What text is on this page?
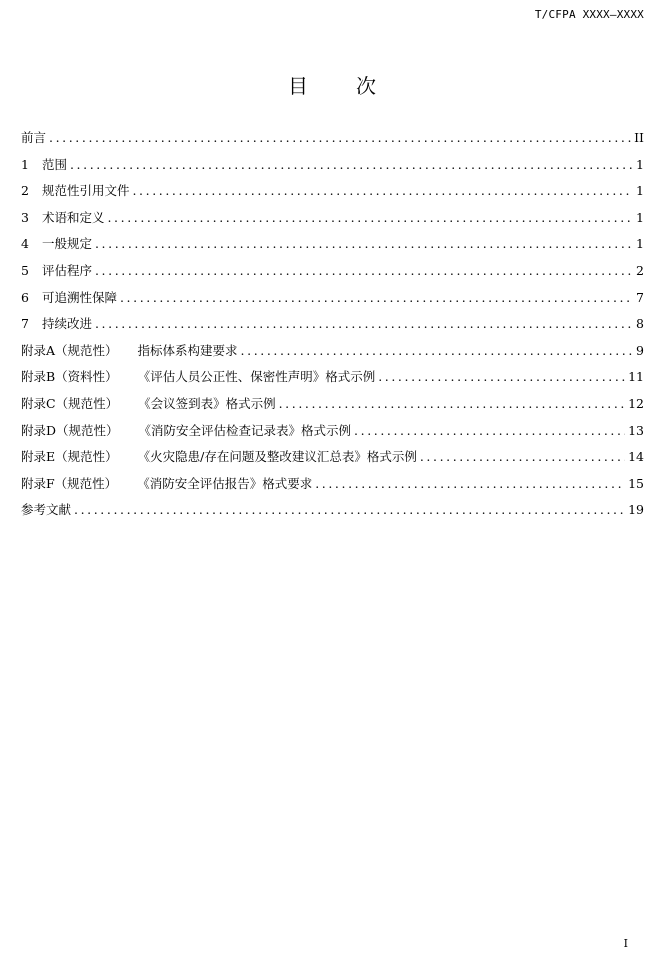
T/CFPA XXXX—XXXX
目 次
前言 .....	II
1 范围 .....	1
2 规范性引用文件 .....	1
3 术语和定义 .....	1
4 一般规定 .....	1
5 评估程序 .....	2
6 可追溯性保障 .....	7
7 持续改进 .....	8
附录A（规范性） 指标体系构建要求 .....	9
附录B（资料性） 《评估人员公正性、保密性声明》格式示例 .....	11
附录C（规范性） 《会议签到表》格式示例 .....	12
附录D（规范性） 《消防安全评估检查记录表》格式示例 .....	13
附录E（规范性） 《火灾隐患/存在问题及整改建议汇总表》格式示例 .....	14
附录F（规范性） 《消防安全评估报告》格式要求 .....	15
参考文献 .....	19
I
